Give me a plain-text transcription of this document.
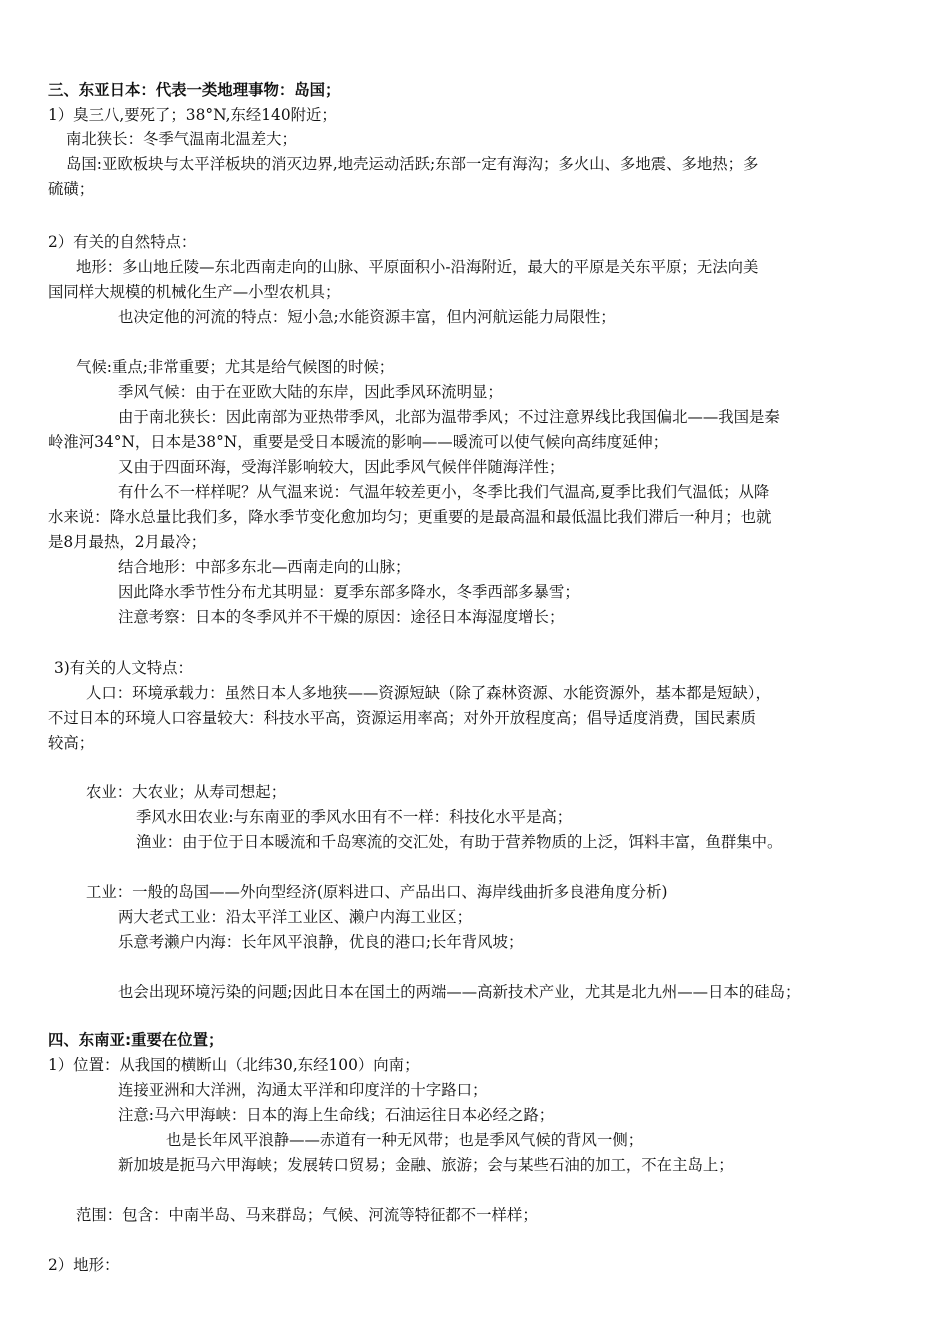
三、东亚日本：代表一类地理事物：岛国；
1）臭三八,要死了；38°N,东经140附近；
南北狭长：冬季气温南北温差大；
岛国:亚欧板块与太平洋板块的消灭边界,地壳运动活跃;东部一定有海沟；多火山、多地震、多地热；多
硫磺；
2）有关的自然特点：
地形：多山地丘陵—东北西南走向的山脉、平原面积小-沿海附近，最大的平原是关东平原；无法向美
国同样大规模的机械化生产—小型农机具；
也决定他的河流的特点：短小急;水能资源丰富，但内河航运能力局限性；
气候:重点;非常重要；尤其是给气候图的时候；
季风气候：由于在亚欧大陆的东岸，因此季风环流明显；
由于南北狭长：因此南部为亚热带季风，北部为温带季风；不过注意界线比我国偏北——我国是秦
岭淮河34°N，日本是38°N，重要是受日本暖流的影响——暖流可以使气候向高纬度延伸；
又由于四面环海，受海洋影响较大，因此季风气候伴伴随海洋性；
有什么不一样样呢？从气温来说：气温年较差更小，冬季比我们气温高,夏季比我们气温低；从降
水来说：降水总量比我们多，降水季节变化愈加均匀；更重要的是最高温和最低温比我们滞后一种月；也就
是8月最热，2月最冷；
结合地形：中部多东北—西南走向的山脉；
因此降水季节性分布尤其明显：夏季东部多降水，冬季西部多暴雪；
注意考察：日本的冬季风并不干燥的原因：途径日本海湿度增长；
3)有关的人文特点：
人口：环境承载力：虽然日本人多地狭——资源短缺（除了森林资源、水能资源外，基本都是短缺），
不过日本的环境人口容量较大：科技水平高，资源运用率高；对外开放程度高；倡导适度消费，国民素质
较高；
农业：大农业；从寿司想起；
季风水田农业:与东南亚的季风水田有不一样：科技化水平是高；
渔业：由于位于日本暖流和千岛寒流的交汇处，有助于营养物质的上泛，饵料丰富，鱼群集中。
工业：一般的岛国——外向型经济(原料进口、产品出口、海岸线曲折多良港角度分析)
两大老式工业：沿太平洋工业区、濑户内海工业区；
乐意考濑户内海：长年风平浪静，优良的港口;长年背风坡；
也会出现环境污染的问题;因此日本在国土的两端——高新技术产业，尤其是北九州——日本的硅岛；
四、东南亚:重要在位置；
1）位置：从我国的横断山（北纬30,东经100）向南；
连接亚洲和大洋洲，沟通太平洋和印度洋的十字路口；
注意:马六甲海峡：日本的海上生命线；石油运往日本必经之路；
也是长年风平浪静——赤道有一种无风带；也是季风气候的背风一侧；
新加坡是扼马六甲海峡；发展转口贸易；金融、旅游；会与某些石油的加工，不在主岛上；
范围：包含：中南半岛、马来群岛；气候、河流等特征都不一样样；
2）地形：
